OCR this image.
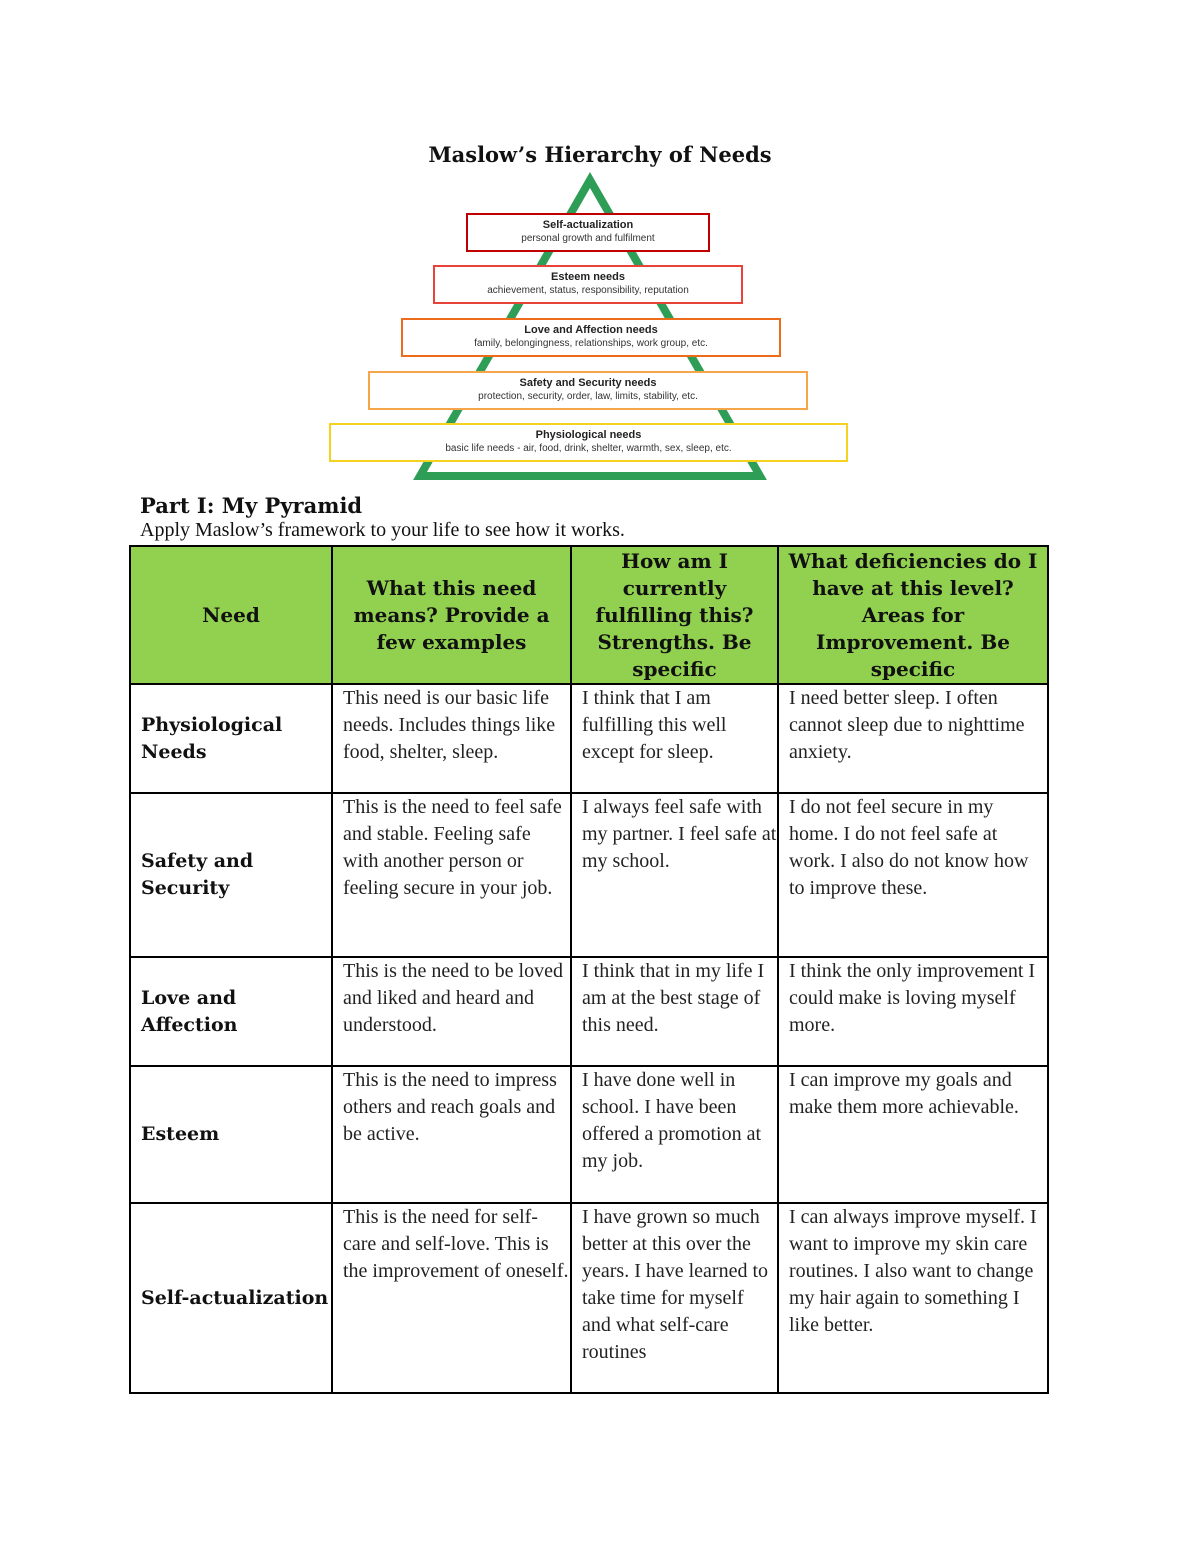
Maslow’s Hierarchy of Needs
Self-actualization
personal growth and fulfilment
Esteem needs
achievement, status, responsibility, reputation
Love and Affection needs
family, belongingness, relationships, work group, etc.
Safety and Security needs
protection, security, order, law, limits, stability, etc.
Physiological needs
basic life needs - air, food, drink, shelter, warmth, sex, sleep, etc.
Part I: My Pyramid
Apply Maslow’s framework to your life to see how it works.
Need	What this need means? Provide a few examples	How am I currently fulfilling this? Strengths. Be specific	What deficiencies do I have at this level? Areas for Improvement. Be specific
Physiological Needs	This need is our basic life needs. Includes things like food, shelter, sleep.	I think that I am fulfilling this well except for sleep.	I need better sleep. I often cannot sleep due to nighttime anxiety.
Safety and Security	This is the need to feel safe and stable. Feeling safe with another person or feeling secure in your job.	I always feel safe with my partner. I feel safe at my school.	I do not feel secure in my home. I do not feel safe at work. I also do not know how to improve these.
Love and Affection	This is the need to be loved and liked and heard and understood.	I think that in my life I am at the best stage of this need.	I think the only improvement I could make is loving myself more.
Esteem	This is the need to impress others and reach goals and be active.	I have done well in school. I have been offered a promotion at my job.	I can improve my goals and make them more achievable.
Self-actualization	This is the need for self-care and self-love. This is the improvement of oneself.	I have grown so much better at this over the years. I have learned to take time for myself and what self-care routines	I can always improve myself. I want to improve my skin care routines. I also want to change my hair again to something I like better.
